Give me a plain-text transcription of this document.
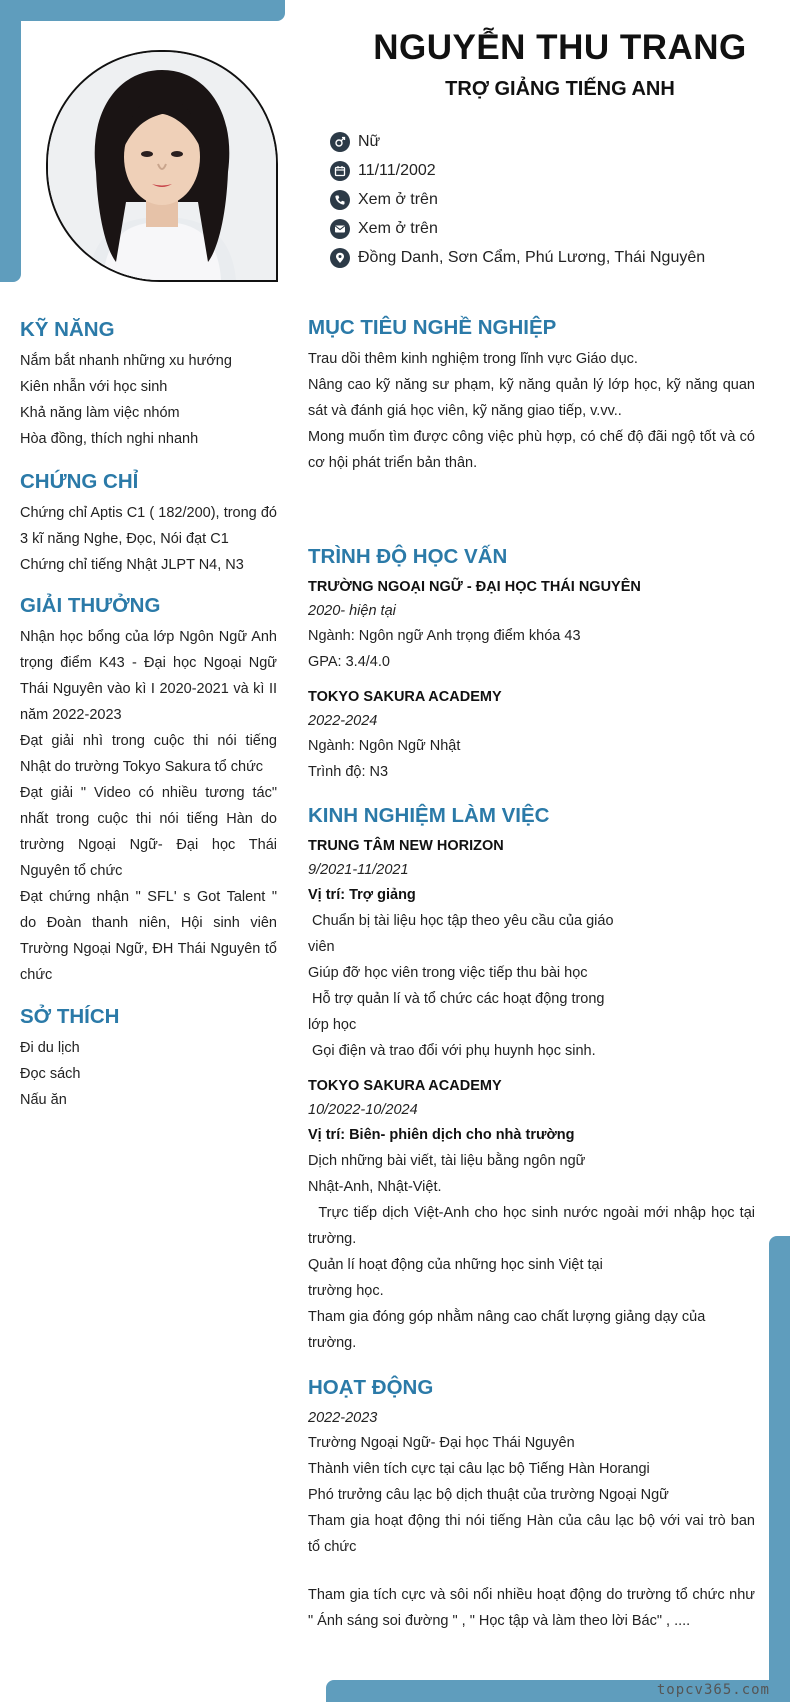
NGUYỄN THU TRANG
TRỢ GIẢNG TIẾNG ANH
Nữ
11/11/2002
Xem ở trên
Xem ở trên
Đồng Danh, Sơn Cẩm, Phú Lương, Thái Nguyên
KỸ NĂNG
Nắm bắt nhanh những xu hướng
Kiên nhẫn với học sinh
Khả năng làm việc nhóm
Hòa đồng, thích nghi nhanh
CHỨNG CHỈ
Chứng chỉ Aptis C1 ( 182/200), trong đó 3 kĩ năng Nghe, Đọc, Nói đạt C1
Chứng chỉ tiếng Nhật JLPT N4, N3
GIẢI THƯỞNG
Nhận học bổng của lớp Ngôn Ngữ Anh trọng điểm K43 - Đại học Ngoại Ngữ Thái Nguyên vào kì I 2020-2021 và kì II năm 2022-2023
Đạt giải nhì trong cuộc thi nói tiếng Nhật do trường Tokyo Sakura tổ chức
Đạt giải " Video có nhiều tương tác" nhất trong cuộc thi nói tiếng Hàn do trường Ngoại Ngữ- Đại học Thái Nguyên tổ chức
Đạt chứng nhận " SFL' s Got Talent " do Đoàn thanh niên, Hội sinh viên Trường Ngoại Ngữ, ĐH Thái Nguyên tổ chức
SỞ THÍCH
Đi du lịch
Đọc sách
Nấu ăn
MỤC TIÊU NGHỀ NGHIỆP
Trau dồi thêm kinh nghiệm trong lĩnh vực Giáo dục.
Nâng cao kỹ năng sư phạm, kỹ năng quản lý lớp học, kỹ năng quan sát và đánh giá học viên, kỹ năng giao tiếp, v.vv..
Mong muốn tìm được công việc phù hợp, có chế độ đãi ngộ tốt và có cơ hội phát triển bản thân.
TRÌNH ĐỘ HỌC VẤN
TRƯỜNG NGOẠI NGỮ - ĐẠI HỌC THÁI NGUYÊN
2020- hiện tại
Ngành: Ngôn ngữ Anh trọng điểm khóa 43
GPA: 3.4/4.0
TOKYO SAKURA ACADEMY
2022-2024
Ngành: Ngôn Ngữ Nhật
Trình độ: N3
KINH NGHIỆM LÀM VIỆC
TRUNG TÂM NEW HORIZON
9/2021-11/2021
Vị trí: Trợ giảng
Chuẩn bị tài liệu học tập theo yêu cầu của giáo
viên
Giúp đỡ học viên trong việc tiếp thu bài học
Hỗ trợ quản lí và tổ chức các hoạt động trong
lớp học
Gọi điện và trao đổi với phụ huynh học sinh.
TOKYO SAKURA ACADEMY
10/2022-10/2024
Vị trí: Biên- phiên dịch cho nhà trường
Dịch những bài viết, tài liệu bằng ngôn ngữ
Nhật-Anh, Nhật-Việt.
Trực tiếp dịch Việt-Anh cho học sinh nước ngoài mới nhập học tại trường.
Quản lí hoạt động của những học sinh Việt tại
trường học.
Tham gia đóng góp nhằm nâng cao chất lượng giảng dạy của trường.
HOẠT ĐỘNG
2022-2023
Trường Ngoại Ngữ- Đại học Thái Nguyên
Thành viên tích cực tại câu lạc bộ Tiếng Hàn Horangi
Phó trưởng câu lạc bộ dịch thuật của trường Ngoại Ngữ
Tham gia hoạt động thi nói tiếng Hàn của câu lạc bộ với vai trò ban tổ chức
Tham gia tích cực và sôi nổi nhiều hoạt động do trường tổ chức như " Ánh sáng soi đường " , " Học tập và làm theo lời Bác" , ....
topcv365.com
